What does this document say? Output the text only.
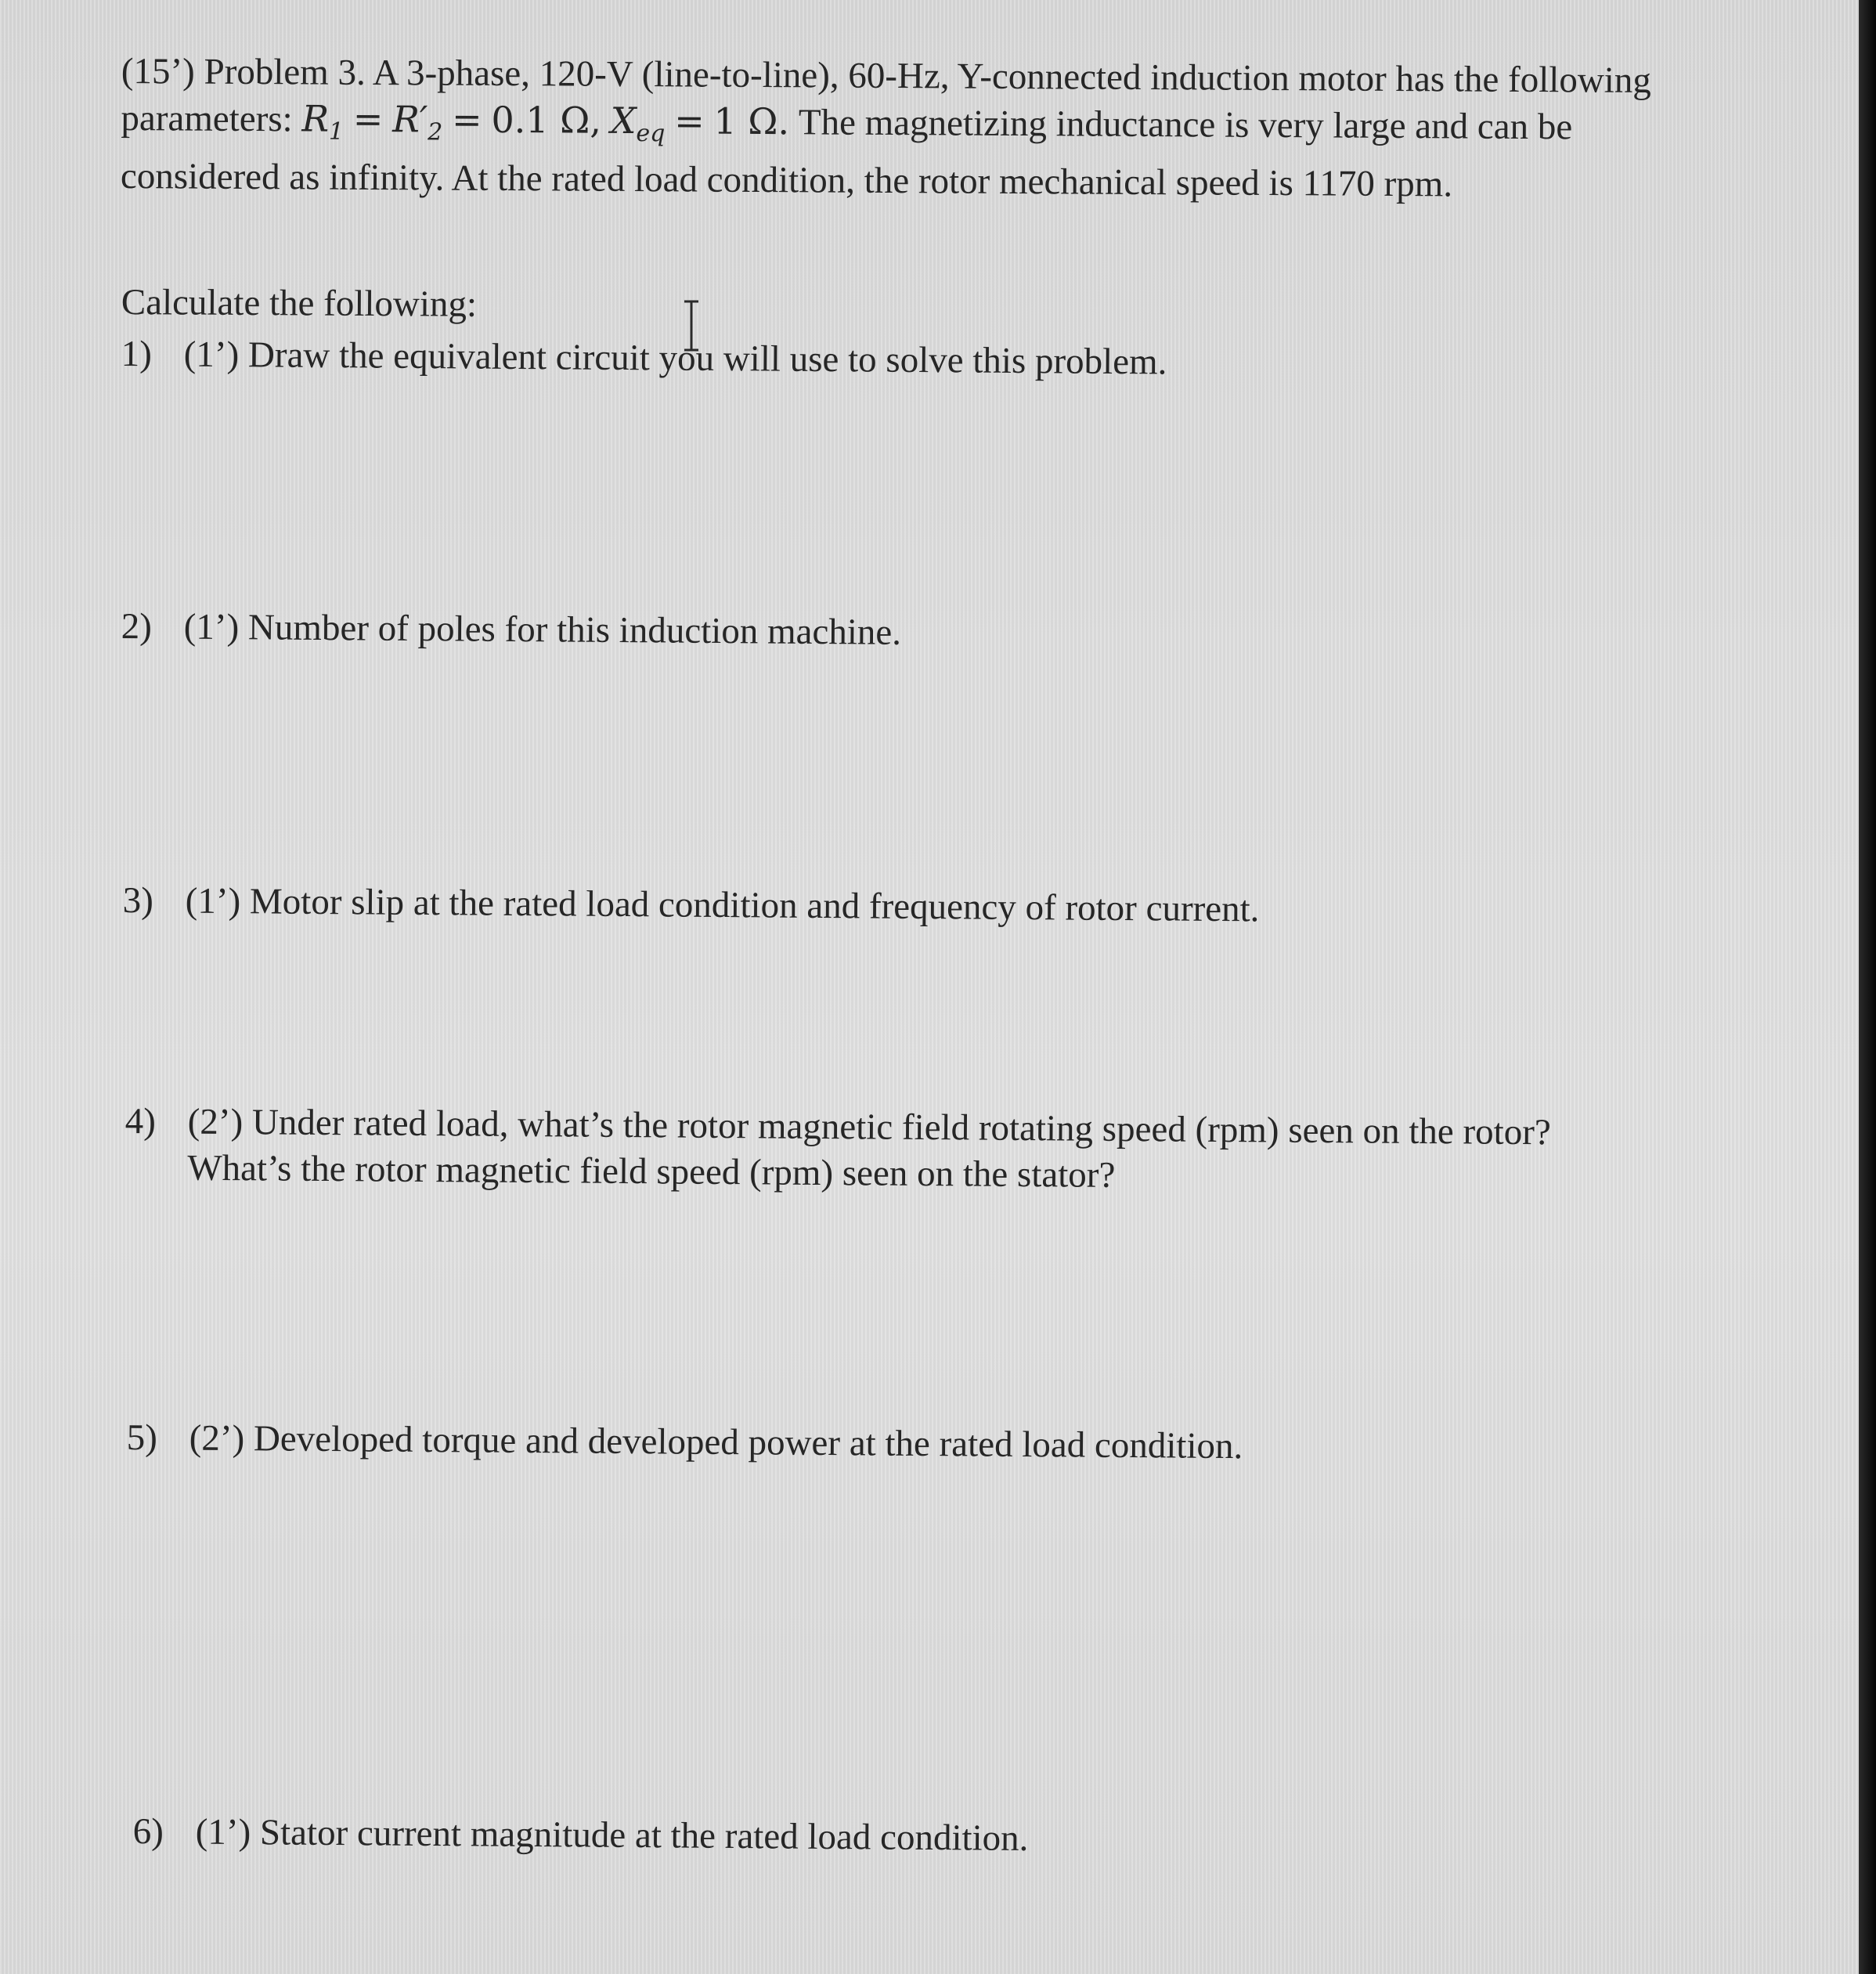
(15’) Problem 3. A 3-phase, 120-V (line-to-line), 60-Hz, Y-connected induction motor has the following parameters: $R_1 = R'_2 = 0.1$ Ω, $X_{eq} = 1$ Ω. The magnetizing inductance is very large and can be considered as infinity. At the rated load condition, the rotor mechanical speed is 1170 rpm.
Calculate the following:
1) (1’) Draw the equivalent circuit you will use to solve this problem.
2) (1’) Number of poles for this induction machine.
3) (1’) Motor slip at the rated load condition and frequency of rotor current.
4) (2’) Under rated load, what’s the rotor magnetic field rotating speed (rpm) seen on the rotor?
What’s the rotor magnetic field speed (rpm) seen on the stator?
5) (2’) Developed torque and developed power at the rated load condition.
6) (1’) Stator current magnitude at the rated load condition.
